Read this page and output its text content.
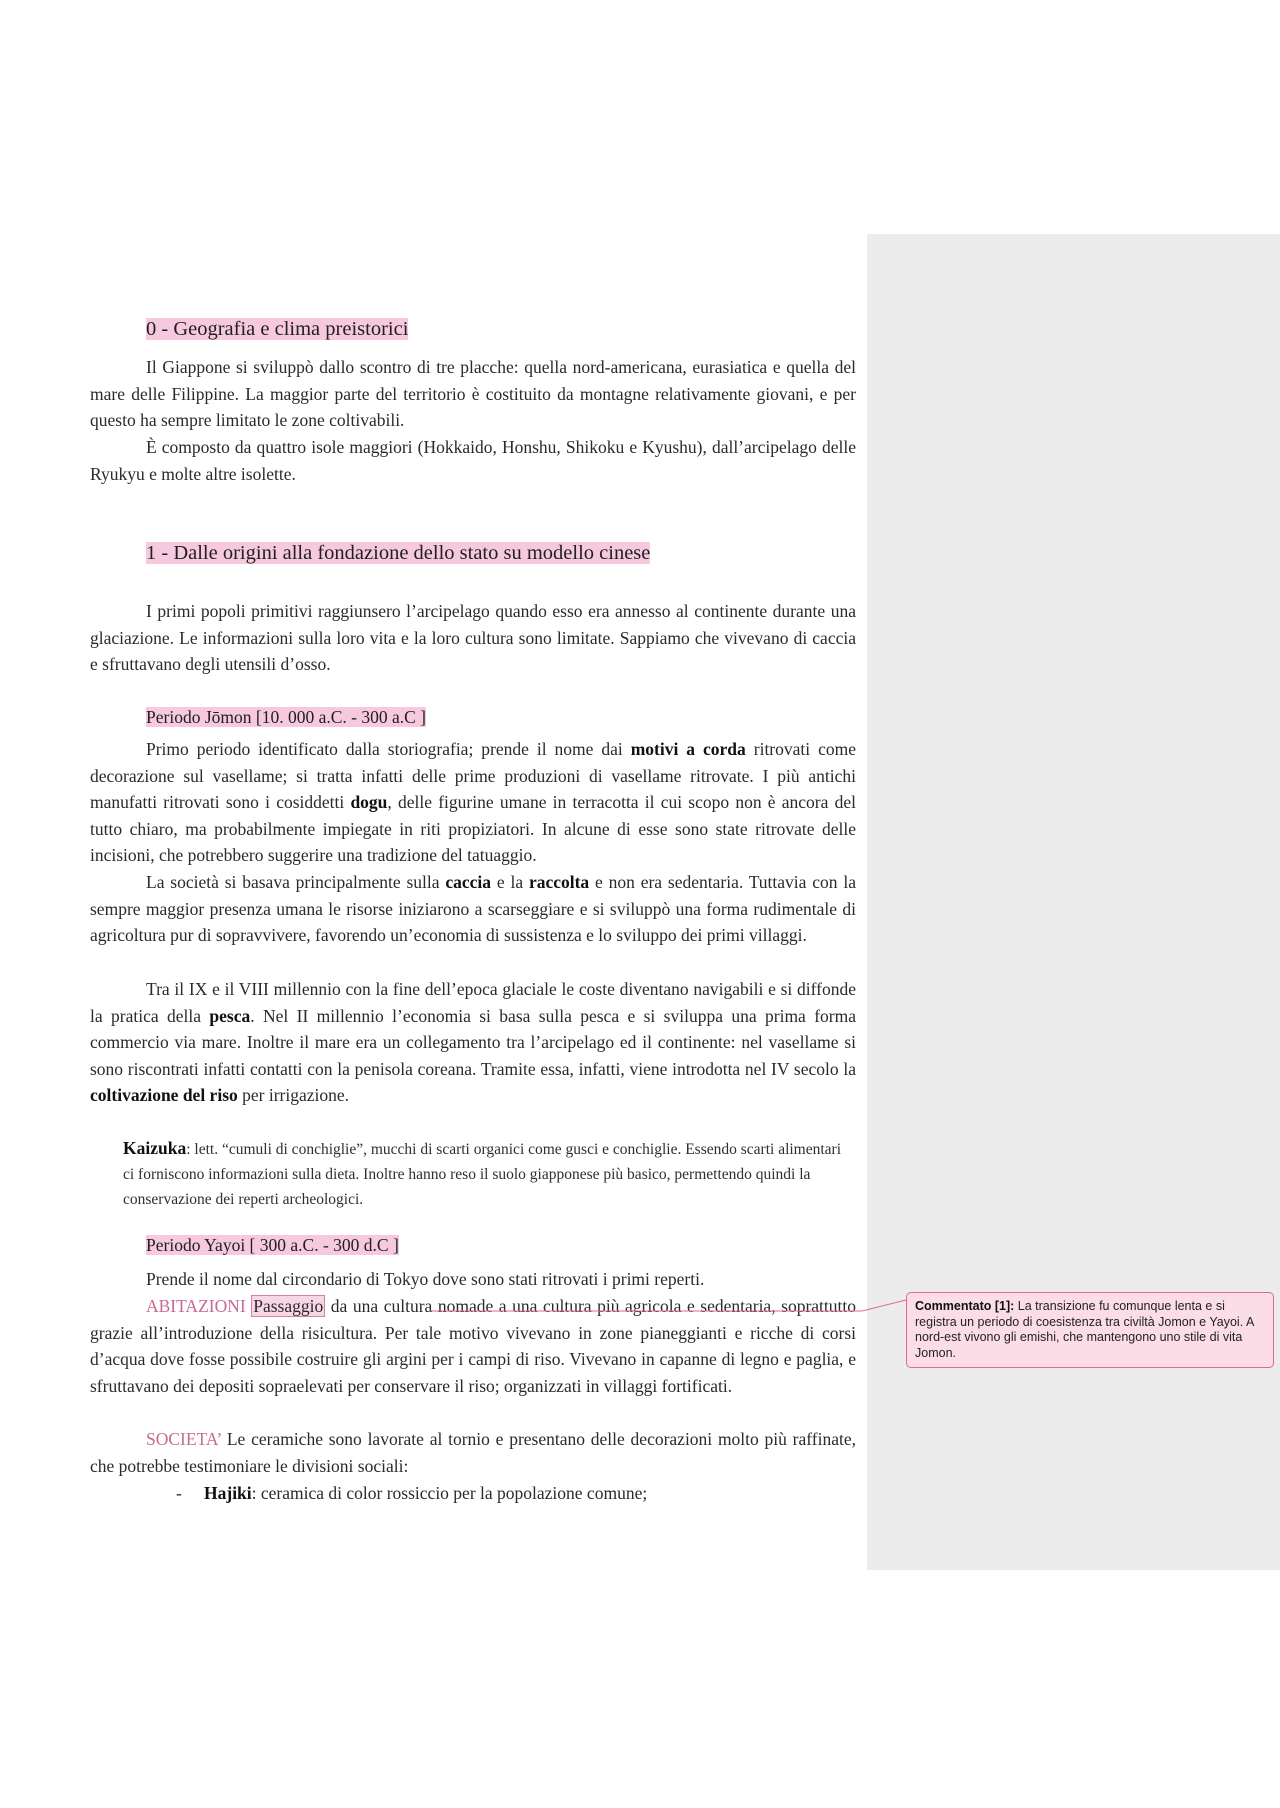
0 - Geografia e clima preistorici

Il Giappone si sviluppò dallo scontro di tre placche: quella nord-americana, eurasiatica e quella del mare delle Filippine. La maggior parte del territorio è costituito da montagne relativamente giovani, e per questo ha sempre limitato le zone coltivabili.

È composto da quattro isole maggiori (Hokkaido, Honshu, Shikoku e Kyushu), dall’arcipelago delle Ryukyu e molte altre isolette.

1 - Dalle origini alla fondazione dello stato su modello cinese

I primi popoli primitivi raggiunsero l’arcipelago quando esso era annesso al continente durante una glaciazione. Le informazioni sulla loro vita e la loro cultura sono limitate. Sappiamo che vivevano di caccia e sfruttavano degli utensili d’osso.

Periodo Jōmon [10. 000 a.C. - 300 a.C ]

Primo periodo identificato dalla storiografia; prende il nome dai motivi a corda ritrovati come decorazione sul vasellame; si tratta infatti delle prime produzioni di vasellame ritrovate. I più antichi manufatti ritrovati sono i cosiddetti dogu, delle figurine umane in terracotta il cui scopo non è ancora del tutto chiaro, ma probabilmente impiegate in riti propiziatori. In alcune di esse sono state ritrovate delle incisioni, che potrebbero suggerire una tradizione del tatuaggio.

La società si basava principalmente sulla caccia e la raccolta e non era sedentaria. Tuttavia con la sempre maggior presenza umana le risorse iniziarono a scarseggiare e si sviluppò una forma rudimentale di agricoltura pur di sopravvivere, favorendo un’economia di sussistenza e lo sviluppo dei primi villaggi.

Tra il IX e il VIII millennio con la fine dell’epoca glaciale le coste diventano navigabili e si diffonde la pratica della pesca. Nel II millennio l’economia si basa sulla pesca e si sviluppa una prima forma commercio via mare. Inoltre il mare era un collegamento tra l’arcipelago ed il continente: nel vasellame si sono riscontrati infatti contatti con la penisola coreana. Tramite essa, infatti, viene introdotta nel IV secolo la coltivazione del riso per irrigazione.

Kaizuka: lett. “cumuli di conchiglie”, mucchi di scarti organici come gusci e conchiglie. Essendo scarti alimentari ci forniscono informazioni sulla dieta. Inoltre hanno reso il suolo giapponese più basico, permettendo quindi la conservazione dei reperti archeologici.
Periodo Yayoi [ 300 a.C. - 300 d.C ]

Prende il nome dal circondario di Tokyo dove sono stati ritrovati i primi reperti.

ABITAZIONI Passaggio da una cultura nomade a una cultura più agricola e sedentaria, soprattutto grazie all’introduzione della risicultura. Per tale motivo vivevano in zone pianeggianti e ricche di corsi d’acqua dove fosse possibile costruire gli argini per i campi di riso. Vivevano in capanne di legno e paglia, e sfruttavano dei depositi sopraelevati per conservare il riso; organizzati in villaggi fortificati.

SOCIETA’ Le ceramiche sono lavorate al tornio e presentano delle decorazioni molto più raffinate, che potrebbe testimoniare le divisioni sociali:

- Hajiki: ceramica di color rossiccio per la popolazione comune;
Commentato [1]: La transizione fu comunque lenta e si registra un periodo di coesistenza tra civiltà Jomon e Yayoi. A nord-est vivono gli emishi, che mantengono uno stile di vita Jomon.
